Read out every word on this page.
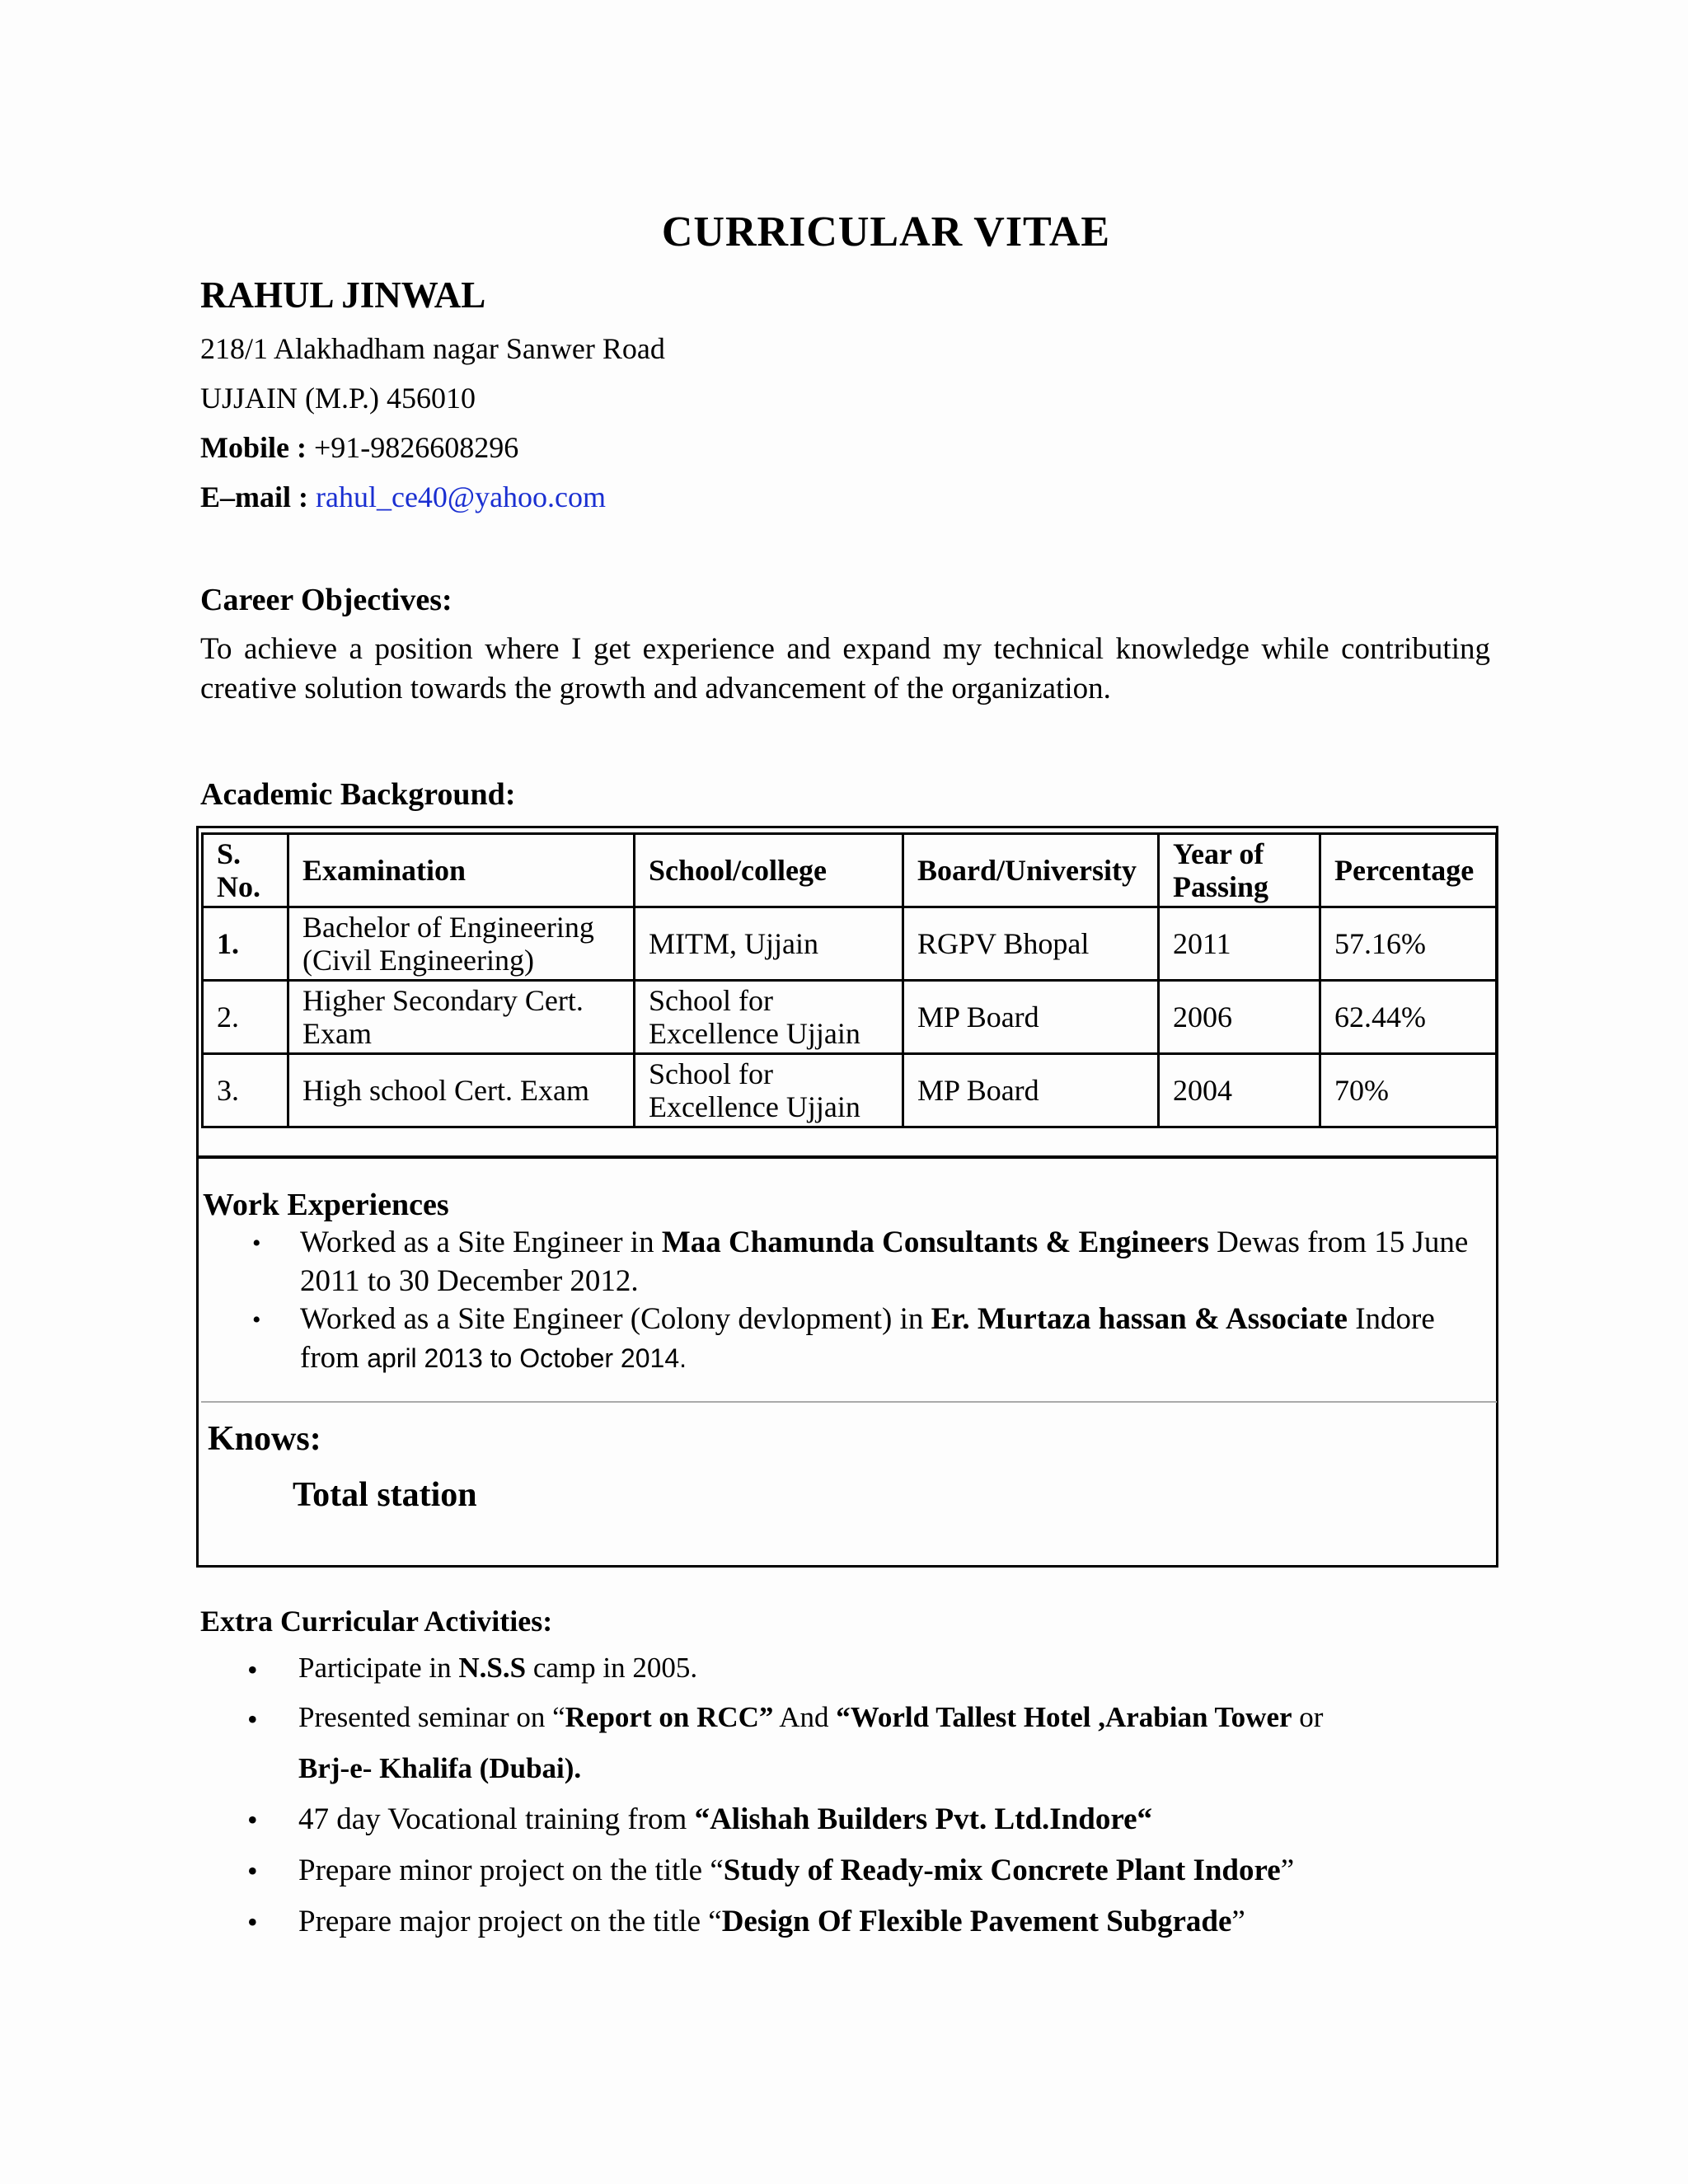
CURRICULAR VITAE
RAHUL JINWAL
218/1 Alakhadham nagar Sanwer Road
UJJAIN (M.P.) 456010
Mobile : +91-9826608296
E–mail : rahul_ce40@yahoo.com
Career Objectives:
To achieve a position where I get experience and expand my technical knowledge while contributing creative solution towards the growth and advancement of the organization.
Academic Background:
S. No.	Examination	School/college	Board/University	Year of Passing	Percentage
1.	Bachelor of Engineering (Civil Engineering)	MITM, Ujjain	RGPV Bhopal	2011	57.16%
2.	Higher Secondary Cert. Exam	School for Excellence Ujjain	MP Board	2006	62.44%
3.	High school Cert. Exam	School for Excellence Ujjain	MP Board	2004	70%
Work Experiences
• Worked as a Site Engineer in Maa Chamunda Consultants & Engineers Dewas from 15 June 2011 to 30 December 2012.
• Worked as a Site Engineer (Colony devlopment) in Er. Murtaza hassan & Associate Indore from april 2013 to October 2014.
Knows:
Total station
Extra Curricular Activities:
• Participate in N.S.S camp in 2005.
• Presented seminar on “Report on RCC” And “World Tallest Hotel ,Arabian Tower or
Brj-e- Khalifa (Dubai).
• 47 day Vocational training from “Alishah Builders Pvt. Ltd.Indore“
• Prepare minor project on the title “Study of Ready-mix Concrete Plant Indore”
• Prepare major project on the title “Design Of Flexible Pavement Subgrade”
